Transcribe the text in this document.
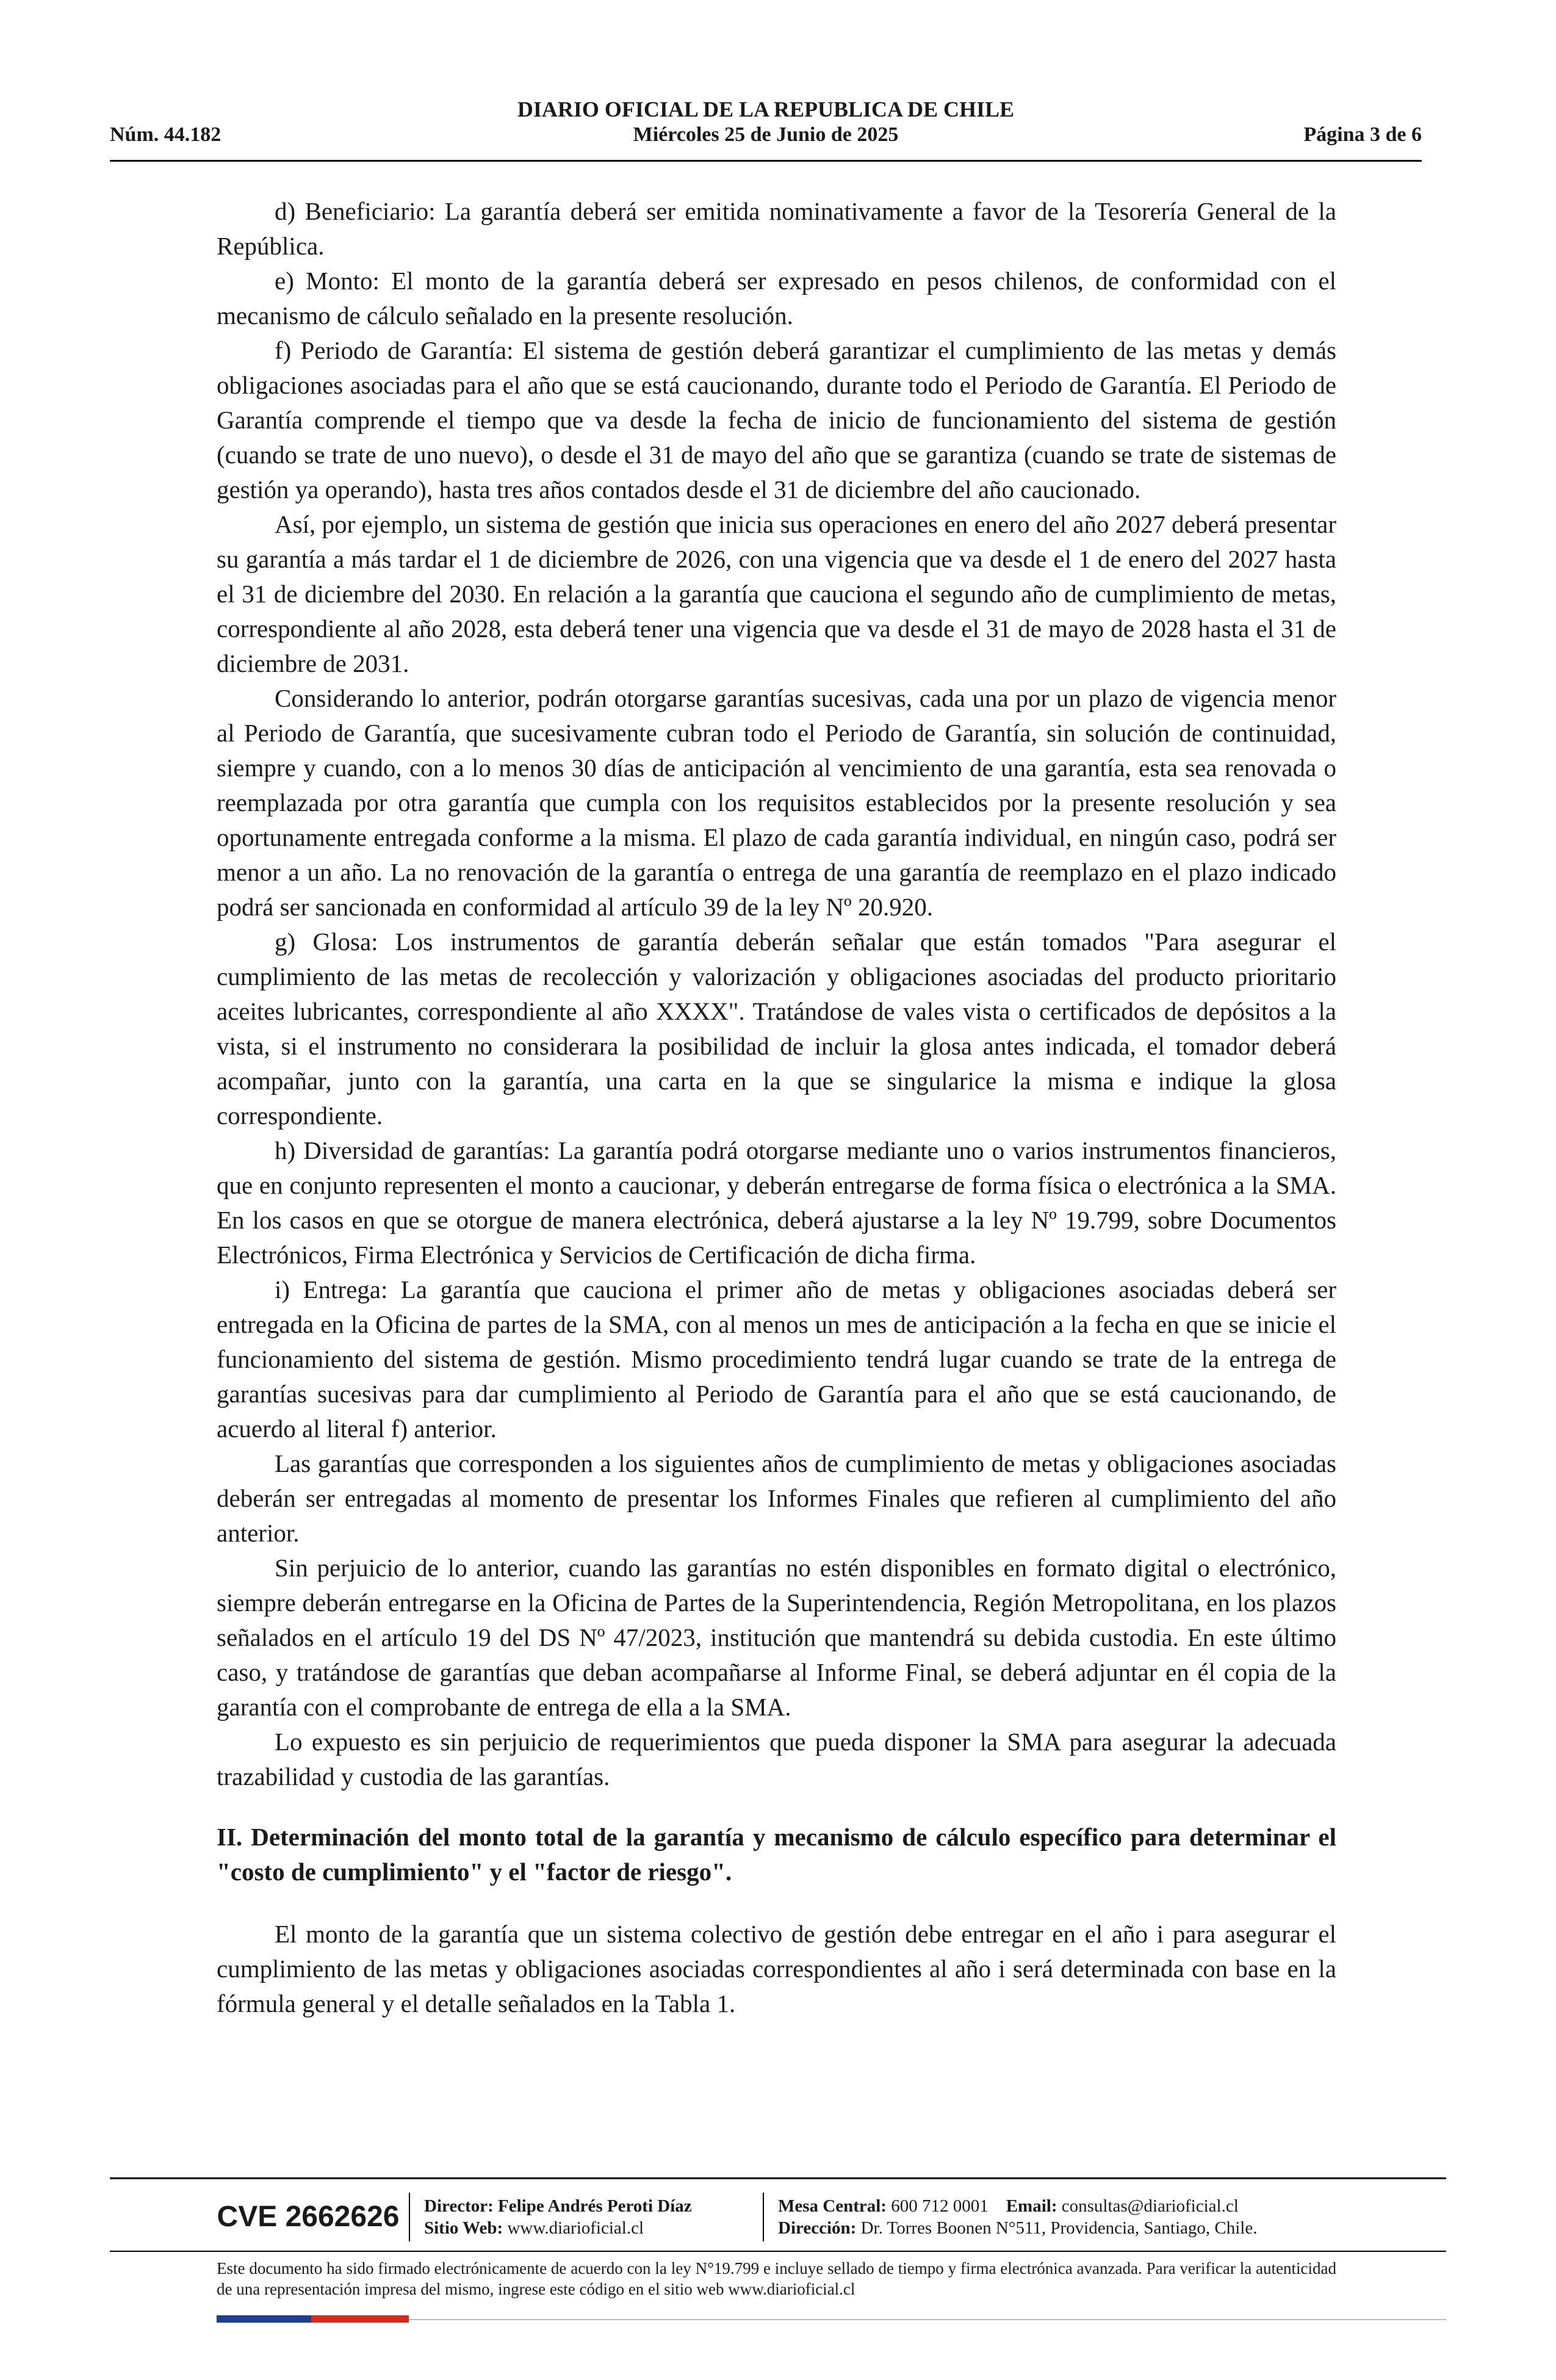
DIARIO OFICIAL DE LA REPUBLICA DE CHILE
Núm. 44.182	Miércoles 25 de Junio de 2025	Página 3 de 6

d) Beneficiario: La garantía deberá ser emitida nominativamente a favor de la Tesorería General de la República.

e) Monto: El monto de la garantía deberá ser expresado en pesos chilenos, de conformidad con el mecanismo de cálculo señalado en la presente resolución.

f) Periodo de Garantía: El sistema de gestión deberá garantizar el cumplimiento de las metas y demás obligaciones asociadas para el año que se está caucionando, durante todo el Periodo de Garantía. El Periodo de Garantía comprende el tiempo que va desde la fecha de inicio de funcionamiento del sistema de gestión (cuando se trate de uno nuevo), o desde el 31 de mayo del año que se garantiza (cuando se trate de sistemas de gestión ya operando), hasta tres años contados desde el 31 de diciembre del año caucionado.

Así, por ejemplo, un sistema de gestión que inicia sus operaciones en enero del año 2027 deberá presentar su garantía a más tardar el 1 de diciembre de 2026, con una vigencia que va desde el 1 de enero del 2027 hasta el 31 de diciembre del 2030. En relación a la garantía que cauciona el segundo año de cumplimiento de metas, correspondiente al año 2028, esta deberá tener una vigencia que va desde el 31 de mayo de 2028 hasta el 31 de diciembre de 2031.

Considerando lo anterior, podrán otorgarse garantías sucesivas, cada una por un plazo de vigencia menor al Periodo de Garantía, que sucesivamente cubran todo el Periodo de Garantía, sin solución de continuidad, siempre y cuando, con a lo menos 30 días de anticipación al vencimiento de una garantía, esta sea renovada o reemplazada por otra garantía que cumpla con los requisitos establecidos por la presente resolución y sea oportunamente entregada conforme a la misma. El plazo de cada garantía individual, en ningún caso, podrá ser menor a un año. La no renovación de la garantía o entrega de una garantía de reemplazo en el plazo indicado podrá ser sancionada en conformidad al artículo 39 de la ley Nº 20.920.

g) Glosa: Los instrumentos de garantía deberán señalar que están tomados "Para asegurar el cumplimiento de las metas de recolección y valorización y obligaciones asociadas del producto prioritario aceites lubricantes, correspondiente al año XXXX". Tratándose de vales vista o certificados de depósitos a la vista, si el instrumento no considerara la posibilidad de incluir la glosa antes indicada, el tomador deberá acompañar, junto con la garantía, una carta en la que se singularice la misma e indique la glosa correspondiente.

h) Diversidad de garantías: La garantía podrá otorgarse mediante uno o varios instrumentos financieros, que en conjunto representen el monto a caucionar, y deberán entregarse de forma física o electrónica a la SMA. En los casos en que se otorgue de manera electrónica, deberá ajustarse a la ley Nº 19.799, sobre Documentos Electrónicos, Firma Electrónica y Servicios de Certificación de dicha firma.

i) Entrega: La garantía que cauciona el primer año de metas y obligaciones asociadas deberá ser entregada en la Oficina de partes de la SMA, con al menos un mes de anticipación a la fecha en que se inicie el funcionamiento del sistema de gestión. Mismo procedimiento tendrá lugar cuando se trate de la entrega de garantías sucesivas para dar cumplimiento al Periodo de Garantía para el año que se está caucionando, de acuerdo al literal f) anterior.

Las garantías que corresponden a los siguientes años de cumplimiento de metas y obligaciones asociadas deberán ser entregadas al momento de presentar los Informes Finales que refieren al cumplimiento del año anterior.

Sin perjuicio de lo anterior, cuando las garantías no estén disponibles en formato digital o electrónico, siempre deberán entregarse en la Oficina de Partes de la Superintendencia, Región Metropolitana, en los plazos señalados en el artículo 19 del DS Nº 47/2023, institución que mantendrá su debida custodia. En este último caso, y tratándose de garantías que deban acompañarse al Informe Final, se deberá adjuntar en él copia de la garantía con el comprobante de entrega de ella a la SMA.

Lo expuesto es sin perjuicio de requerimientos que pueda disponer la SMA para asegurar la adecuada trazabilidad y custodia de las garantías.

II. Determinación del monto total de la garantía y mecanismo de cálculo específico para determinar el "costo de cumplimiento" y el "factor de riesgo".

El monto de la garantía que un sistema colectivo de gestión debe entregar en el año i para asegurar el cumplimiento de las metas y obligaciones asociadas correspondientes al año i será determinada con base en la fórmula general y el detalle señalados en la Tabla 1.

CVE 2662626	Director: Felipe Andrés Peroti Díaz
Sitio Web: www.diarioficial.cl
Mesa Central: 600 712 0001 Email: consultas@diarioficial.cl
Dirección: Dr. Torres Boonen N°511, Providencia, Santiago, Chile.
Este documento ha sido firmado electrónicamente de acuerdo con la ley N°19.799 e incluye sellado de tiempo y firma electrónica avanzada. Para verificar la autenticidad de una representación impresa del mismo, ingrese este código en el sitio web www.diarioficial.cl
